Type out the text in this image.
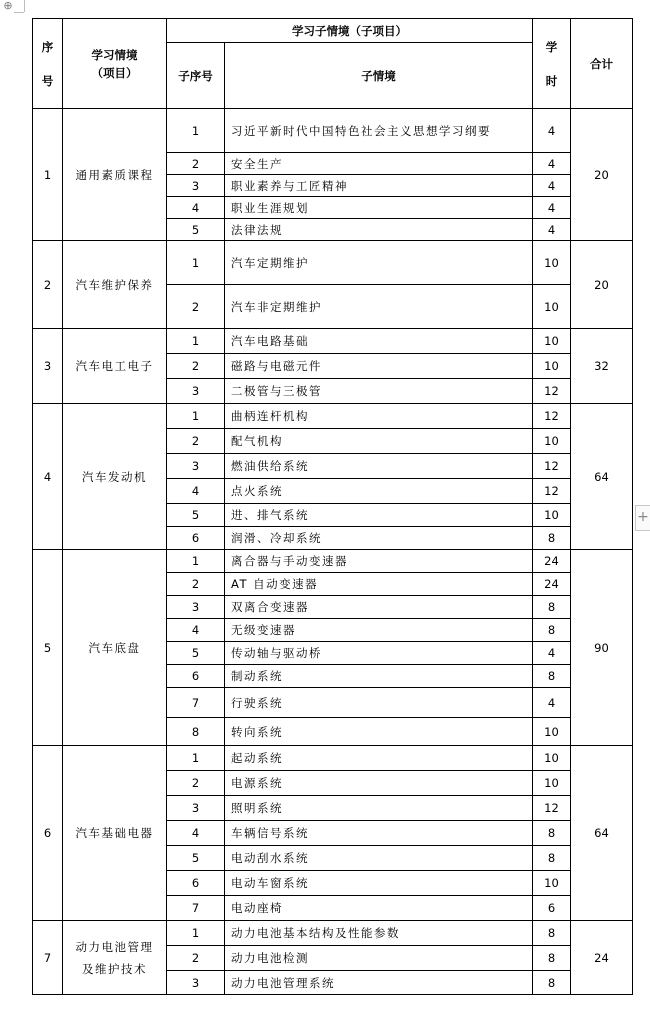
⊕
序
号	学习情境
（项目）	学习子情境（子项目）		学
时	合计
		子序号	子情境		
1	通用素质课程	1	习近平新时代中国特色社会主义思想学习纲要	4	20
		2	安全生产	4	
		3	职业素养与工匠精神	4	
		4	职业生涯规划	4	
		5	法律法规	4	
2	汽车维护保养	1	汽车定期维护	10	20
		2	汽车非定期维护	10	
3	汽车电工电子	1	汽车电路基础	10	32
		2	磁路与电磁元件	10	
		3	二极管与三极管	12	
4	汽车发动机	1	曲柄连杆机构	12	64
		2	配气机构	10	
		3	燃油供给系统	12	
		4	点火系统	12	
		5	进、排气系统	10	
		6	润滑、冷却系统	8	
5	汽车底盘	1	离合器与手动变速器	24	90
		2	AT 自动变速器	24	
		3	双离合变速器	8	
		4	无级变速器	8	
		5	传动轴与驱动桥	4	
		6	制动系统	8	
		7	行驶系统	4	
		8	转向系统	10	
6	汽车基础电器	1	起动系统	10	64
		2	电源系统	10	
		3	照明系统	12	
		4	车辆信号系统	8	
		5	电动刮水系统	8	
		6	电动车窗系统	10	
		7	电动座椅	6	
7	动力电池管理
及维护技术	1	动力电池基本结构及性能参数	8	24
		2	动力电池检测	8	
		3	动力电池管理系统	8	
+
